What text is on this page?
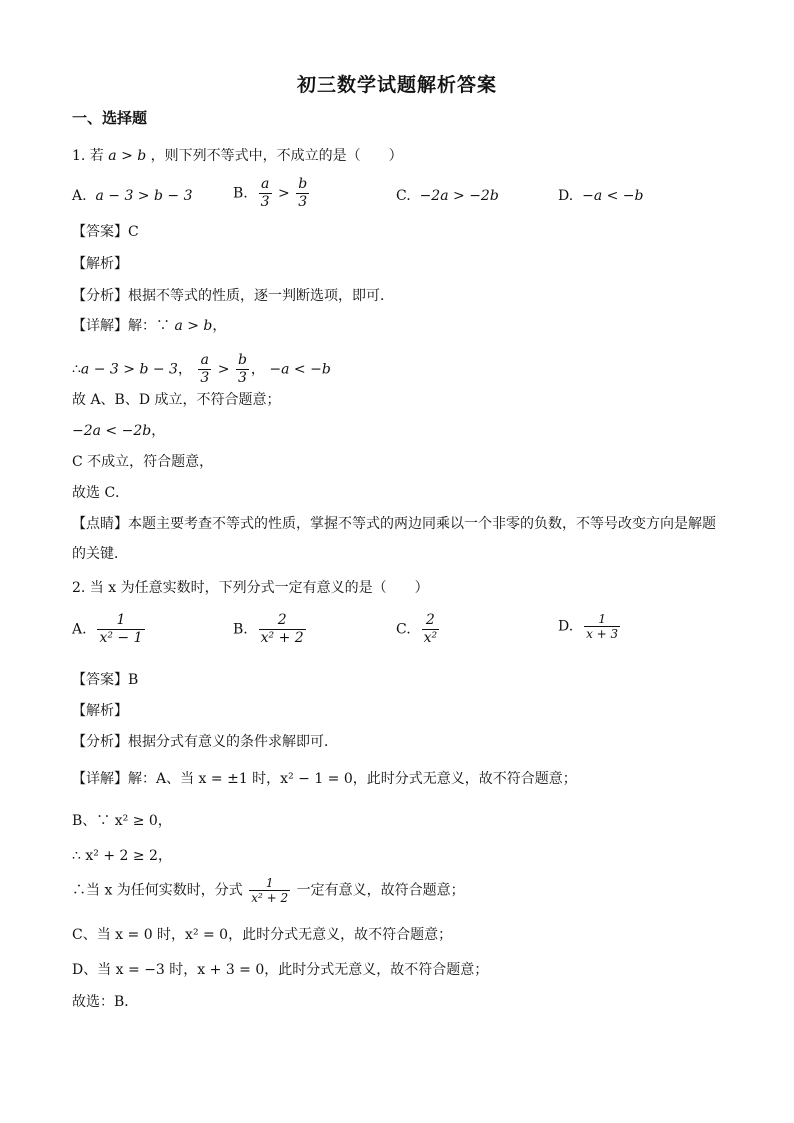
初三数学试题解析答案
一、选择题
1. 若 a > b ，则下列不等式中，不成立的是（　　）
A. a − 3 > b − 3	B. $\frac{a}{3} > \frac{b}{3}$	C. −2a > −2b	D. −a < −b
【答案】C
【解析】
【分析】根据不等式的性质，逐一判断选项，即可．
【详解】解：∵ a > b，
∴a − 3 > b − 3， $\frac{a}{3} > \frac{b}{3}$ ， −a < −b
故 A、B、D 成立，不符合题意；
−2a < −2b，
C 不成立，符合题意，
故选 C．
【点睛】本题主要考查不等式的性质，掌握不等式的两边同乘以一个非零的负数，不等号改变方向是解题的关键．
2. 当 x 为任意实数时，下列分式一定有意义的是（　　）
A. $\frac{1}{\text{x² − 1}}$	B. $\frac{2}{\text{x² + 2}}$	C. $\frac{2}{\text{x²}}$	D. $\frac{1}{x + 3}$
【答案】B
【解析】
【分析】根据分式有意义的条件求解即可．
【详解】解：A、当 x = ±1 时，x² − 1 = 0，此时分式无意义，故不符合题意；
B、∵ x² ≥ 0，
∴ x² + 2 ≥ 2，
∴当 x 为任何实数时，分式 $\frac{1}{\text{x² + 2}}$ 一定有意义，故符合题意；
C、当 x = 0 时，x² = 0，此时分式无意义，故不符合题意；
D、当 x = −3 时，x + 3 = 0，此时分式无意义，故不符合题意；
故选：B．
